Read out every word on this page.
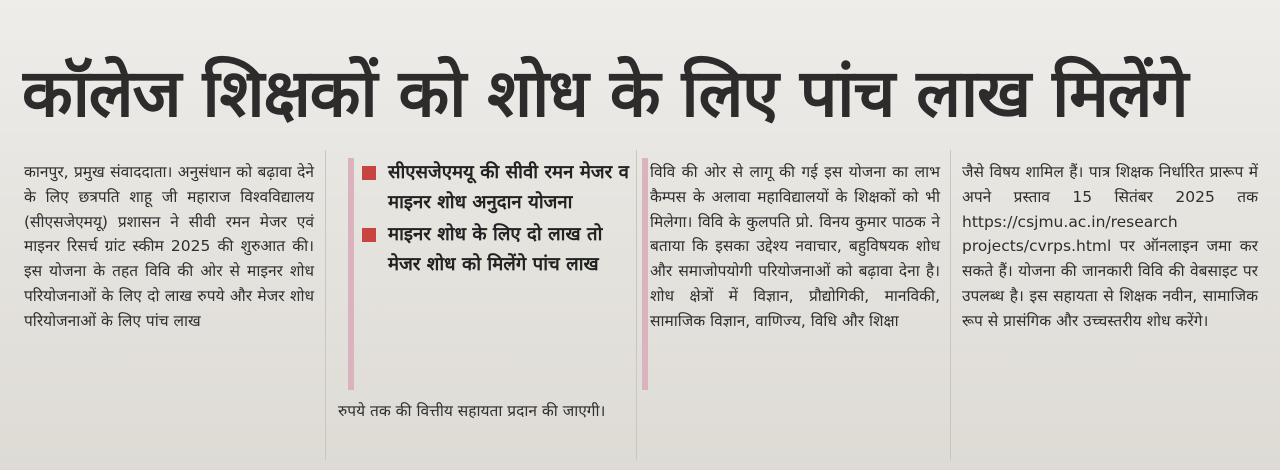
कॉलेज शिक्षकों को शोध के लिए पांच लाख मिलेंगे

कानपुर, प्रमुख संवाददाता। अनुसंधान को बढ़ावा देने के लिए छत्रपति शाहू जी महाराज विश्वविद्यालय (सीएसजेएमयू) प्रशासन ने सीवी रमन मेजर एवं माइनर रिसर्च ग्रांट स्कीम 2025 की शुरुआत की। इस योजना के तहत विवि की ओर से माइनर शोध परियोजनाओं के लिए दो लाख रुपये और मेजर शोध परियोजनाओं के लिए पांच लाख

सीएसजेएमयू की सीवी रमन मेजर व माइनर शोध अनुदान योजना
माइनर शोध के लिए दो लाख तो मेजर शोध को मिलेंगे पांच लाख

रुपये तक की वित्तीय सहायता प्रदान की जाएगी।

विवि की ओर से लागू की गई इस योजना का लाभ कैम्पस के अलावा महाविद्यालयों के शिक्षकों को भी मिलेगा। विवि के कुलपति प्रो. विनय कुमार पाठक ने बताया कि इसका उद्देश्य नवाचार, बहुविषयक शोध और समाजोपयोगी परियोजनाओं को बढ़ावा देना है। शोध क्षेत्रों में विज्ञान, प्रौद्योगिकी, मानविकी, सामाजिक विज्ञान, वाणिज्य, विधि और शिक्षा

जैसे विषय शामिल हैं। पात्र शिक्षक निर्धारित प्रारूप में अपने प्रस्ताव 15 सितंबर 2025 तक https://csjmu.ac.in/research projects/cvrps.html पर ऑनलाइन जमा कर सकते हैं। योजना की जानकारी विवि की वेबसाइट पर उपलब्ध है। इस सहायता से शिक्षक नवीन, सामाजिक रूप से प्रासंगिक और उच्चस्तरीय शोध करेंगे।
